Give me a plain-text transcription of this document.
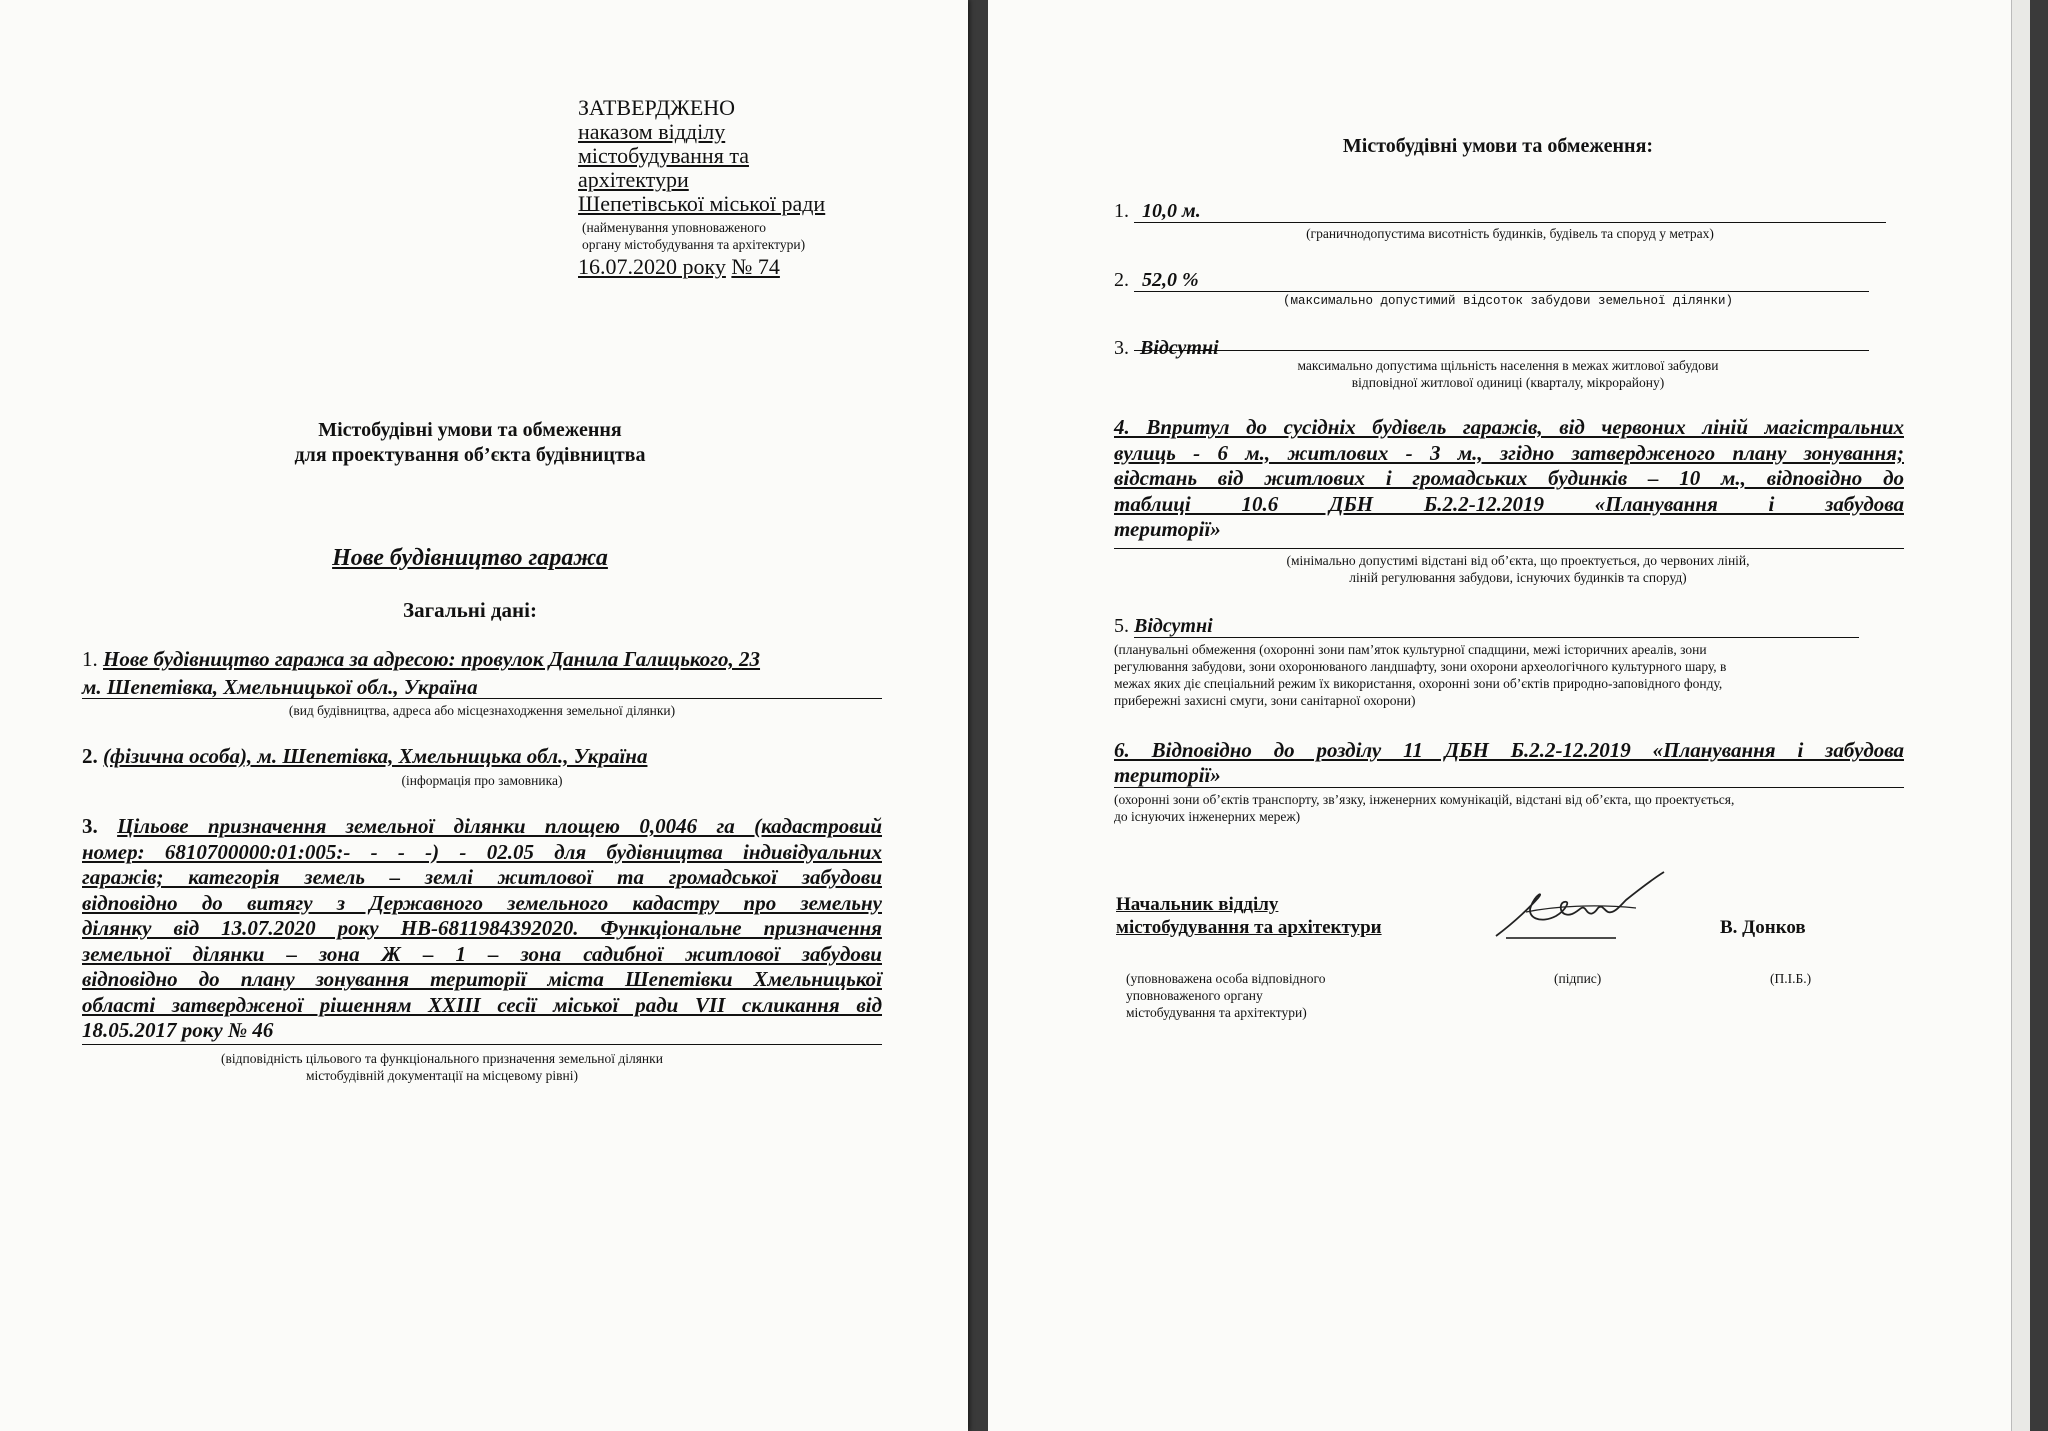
ЗАТВЕРДЖЕНО
наказом відділу
містобудування та
архітектури
Шепетівської міської ради
(найменування уповноваженого
органу містобудування та архітектури)
16.07.2020 року № 74
Містобудівні умови та обмеження
для проектування об’єкта будівництва
Нове будівництво гаража
Загальні дані:
1. Нове будівництво гаража за адресою: провулок Данила Галицького, 23
м. Шепетівка, Хмельницької обл., Україна
(вид будівництва, адреса або місцезнаходження земельної ділянки)
2. (фізична особа), м. Шепетівка, Хмельницька обл., Україна
(інформація про замовника)
3. Цільове призначення земельної ділянки площею 0,0046 га (кадастровий
номер: 6810700000:01:005:- - - -) - 02.05 для будівництва індивідуальних
гаражів; категорія земель – землі житлової та громадської забудови
відповідно до витягу з Державного земельного кадастру про земельну
ділянку від 13.07.2020 року НВ-6811984392020. Функціональне призначення
земельної ділянки – зона Ж – 1 – зона садибної житлової забудови
відповідно до плану зонування території міста Шепетівки Хмельницької
області затвердженої рішенням XXIII сесії міської ради VII скликання від
18.05.2017 року № 46
(відповідність цільового та функціонального призначення земельної ділянки
містобудівній документації на місцевому рівні)
Містобудівні умови та обмеження:
1. 10,0 м.
(граничнодопустима висотність будинків, будівель та споруд у метрах)
2. 52,0 %
(максимально допустимий відсоток забудови земельної ділянки)
3. Відсутні
максимально допустима щільність населення в межах житлової забудови
відповідної житлової одиниці (кварталу, мікрорайону)
4. Впритул до сусідніх будівель гаражів, від червоних ліній магістральних
вулиць - 6 м., житлових - 3 м., згідно затвердженого плану зонування;
відстань від житлових і громадських будинків – 10 м., відповідно до
таблиці 10.6 ДБН Б.2.2-12.2019 «Планування і забудова
території»
(мінімально допустимі відстані від об’єкта, що проектується, до червоних ліній,
ліній регулювання забудови, існуючих будинків та споруд)
5. Відсутні
(планувальні обмеження (охоронні зони пам’яток культурної спадщини, межі історичних ареалів, зони
регулювання забудови, зони охоронюваного ландшафту, зони охорони археологічного культурного шару, в
межах яких діє спеціальний режим їх використання, охоронні зони об’єктів природно-заповідного фонду,
прибережні захисні смуги, зони санітарної охорони)
6. Відповідно до розділу 11 ДБН Б.2.2-12.2019 «Планування і забудова
території»
(охоронні зони об’єктів транспорту, зв’язку, інженерних комунікацій, відстані від об’єкта, що проектується,
до існуючих інженерних мереж)
Начальник відділу
містобудування та архітектури	В. Донков
(уповноважена особа відповідного
уповноваженого органу
містобудування та архітектури)
(підпис)	(П.І.Б.)
